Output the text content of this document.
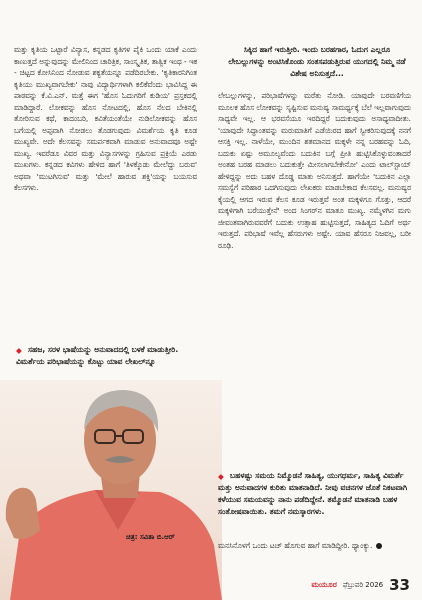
ಮತ್ತು ಕೃತಿಯ ಒಟ್ಟಾರೆ ವಿನ್ಯಾಸ, ಕನ್ನಡದ ಕೃತಿಗಳ ಪೈಕಿ ಒಂದು ಯಾಕೆ ಎಂದು ಕಾಣುತ್ತದೆ ಅನ್ನುವುದನ್ನು ಮೇಲಿನಿಂದ ಚಾರಿತ್ರಿಕ, ಸಾಂಸ್ಕೃತಿಕ, ತಾತ್ವಿಕ ಇಂಥ - ಇಕ - ಚಿಟ್ಟದ ಕೋಸಿನಿಂದ ನೋಡುವ ಶಕ್ಯತೆಯನ್ನೂ ಪಡೆದಿರಬೇಕು. 'ಕೃತಿಕಾರನಿಗಿಂತ ಕೃತಿಯು ಮುಖ್ಯವಾಗಬೇಕು' ನಾವು ವಿದ್ಯಾರ್ಥಿಗಳಾಗಿ ಕಲಿಕೆವೆಂದು ಭಾವಿಸಿದ್ದ ಈ ಪಾಠವನ್ನು ಕೆ.ವಿ.ಎನ್. ಮತ್ತೆ ಈಗ 'ಹೊಸ ಓದುಗರಿಗೆ ಕುಡಿಯ' ಪ್ರಸ್ತಕದಲ್ಲಿ ಮಾಡಿದ್ದಾರೆ. ಲೋಕವನ್ನು ಹೊಸ ನೋಟದಲ್ಲಿ, ಹೊಸ ನೆಲದ ಬೇಕಿನಲ್ಲಿ ತೋರಿಸುವ ಕಥೆ, ಕಾದಂಬರಿ, ಕವಿತೆಯಂತೆಯೇ ನುಡಿಲೋಕವನ್ನು ಹೊಸ ಬಗೆಯಲ್ಲಿ ಅಪ್ಪವಾಗಿ ನೋಡಲು ತೊಡಗುವುದು ವಿಮರ್ಶೆಯ ಕೃತಿ ಕೂಡ ಮುಖ್ಯವೇ. ಅದೇ ಕೆಲಸವನ್ನು ಸಮರ್ಪಕವಾಗಿ ಮಾಡುವ ಅನುವಾದವೂ ಅಷ್ಟೇ ಮುಖ್ಯ. ಇವರೆಡೂ ವಿವರ ಮತ್ತು ವಿನ್ಯಾಸಗಳನ್ನು ಗ್ರಹಿಸುವ ಪ್ರಕ್ರಿಯೆ ಎರಡು ಮುಖಗಳು. ಕನ್ನಡದ ಕವಿಗಳು ಹೇಳಿದ ಹಾಗೆ 'ತಿಳಕ್ಕೊಡು ಮೇಲೆದ್ದು ಬರುವ' ಅಥವಾ 'ಮುಟಗಿಸುವ' ಮತ್ತು 'ಮೇಲೆ ಹಾರುವ ಶಕ್ತಿ'ಯನ್ನು ಬಯಸುವ ಕೆಲಸಗಳು.

◆ ಸಹಜ, ಸರಳ ಭಾಷೆಯನ್ನು ಅನುವಾದದಲ್ಲಿ ಬಳಕೆ ಮಾಡುತ್ತೀರಿ. ವಿಮರ್ಶೆಯ ಪರಿಭಾಷೆಯನ್ನು ಕೊಟ್ಟು ಯಾವ ಲೇಖಲ್‌ನ್ನೂ

ಚಿತ್ರ: ಸವಿತಾ ಬಿ.ಆರ್

ಸಿಕ್ಕಿದ ಹಾಗೆ ಇರುತ್ತೀರಿ. ಇಂದು ಬರಹಗಾರ, ಓದುಗ ಎಲ್ಲರೂ ಲೇಬಲ್ಲುಗಳನ್ನು ಅಂಟಿಸಿಕೊಂಡು ಸಂತಸಪಡುತ್ತಿರುವ ಯುಗದಲ್ಲಿ ನಿಮ್ಮ ನಡೆ ವಿಶೇಷ ಅನಿಸುತ್ತದೆ...

ಲೇಬಲ್ಲುಗಳನ್ನು, ಪರಿಭಾಷೆಗಳನ್ನು ಮರೆತು ನೋಡಿ. ಯಾವುದೇ ಬರವಣಿಗೆಯ ಮೂಲಕ ಹೊಸ ಲೋಕವನ್ನು ಸೃಷ್ಟಿಸುವ ಮನುಷ್ಯ ಸಾಮರ್ಥ್ಯಕ್ಕೆ ಬೆಲೆ ಇಲ್ಲವಾಗುವುದು ಸಾಧ್ಯವೇ ಇಲ್ಲ. ಆ ಭರವಸೆಯೂ ಇರದಿದ್ದರೆ ಬದುಕುವುದು ಅಸಾಧ್ಯವಾದೀತು. 'ಯಾವುದೇ ಸಿದ್ಧಾಂತವನ್ನು ಮರುಮಾತಿಗೆ ಎಡೆಯಿರದ ಹಾಗೆ ಸ್ವೀಕರಿಸುವುದಕ್ಕೆ ನನಗೆ ಆಸಕ್ತಿ ಇಲ್ಲ. ನಾಳೆಯೇ, ಮುಂದಿನ ಶತಮಾನದ ಮಕ್ಕಳೇ ನನ್ನ ಬರಹವನ್ನು ಓದಿ, ಬದುಕು ಏಷ್ಟು ಅಮೂಲ್ಯವೆಂದು ಬದುಕಿನ ಬಗ್ಗೆ ಪ್ರೀತಿ ಹುಟ್ಟಿಸಿಕೊಳ್ಳುವಂತಾದರೆ ಅಂತಹ ಬರಹ ಮಾಡಲು ಬದುಕುತ್ತೇ ಮೀಸಲಾಗಬೇಕೇನೋ' ಎಂದು ಟಾಲ್‌ಸ್ಟಾಯ್ ಹೇಳಿದ್ದನ್ನು ಅದು ಬಹಳ ದೊಡ್ಡ ಮಾತು ಅನಿಸುತ್ತದೆ. ಹಾಗೆಯೇ 'ಬದುಕಿನ ಎಲ್ಲಾ ಸಮಸ್ಯೆಗೆ ಪರಿಹಾರ ಒದಗಿಸುವುದು ಲೇಖಕರು ಮಾಡಬೇಕಾದ ಕೆಲಸವಲ್ಲ. ಮನುಷ್ಯರ ಕೈಯಲ್ಲಿ ಆಗದ ಇರುವ ಕೆಲಸ ಕೂಡ ಇರುತ್ತವೆ ಅಂತ ಮಕ್ಕಳಿಗೂ ಗೊತ್ತು, ಆದರೆ ಮಕ್ಕಳಿಗಾಗಿ ಬರೆಯುತ್ತೇನೆ' ಅಂದ ಸಿಂಗರ್‌ನ ಮಾತೂ ಮುಖ್ಯ. ನಮ್ಮೆಳಗಿನ ಮಗು ಜೀವಂತವಾಗಿರುವವರೆಗೆ ಬದುಕು ಉತ್ಸಾಹ ಹುಟ್ಟಿಸುತ್ತದೆ, ಸಾಹಿತ್ಯದ ಓದಿಗೆ ಅರ್ಥ ಇರುತ್ತದೆ. ಪರಿಭಾಷೆ ಇವೆಲ್ಲ ಹೆಸರುಗಳು ಅಷ್ಟೇ. ಯಾವ ಹೆಸರೂ ನಿಜವಲ್ಲ, ಬರೀ ರೂಢಿ.

◆ ಬಹಳಷ್ಟು ಸಮಯ ನಿಮ್ಮೊಡನೆ ಸಾಹಿತ್ಯ, ಯುಗಧರ್ಮ, ಸಾಹಿತ್ಯ ವಿಮರ್ಶೆ ಮತ್ತು ಅನುವಾದಗಳ ಕುರಿತು ಮಾತನಾಡಿದೆ. ನೀವು ವಚನಗಳ ಜೊತೆ ನಿಕಟವಾಗಿ ಕಳೆಯುವ ಸಮಯವನ್ನು ನಾನು ಪಡೆದಿದ್ದೇನೆ. ತಮ್ಮೊಡನೆ ಮಾತನಾಡಿ ಬಹಳ ಸಂತೋಷವಾಯಿತು. ತಮಗೆ ನಮಸ್ಕಾರಗಳು.

ಮನಸಿನೊಳಗೆ ಒಂದು ಟಚ್ ಹೊಗುವ ಹಾಗೆ ಮಾಡಿದ್ದೀರಿ. ಥ್ಯಾಂಕ್ಯು.

ಮಯೂರ ಫೆಬ್ರುವರಿ 2026 33
